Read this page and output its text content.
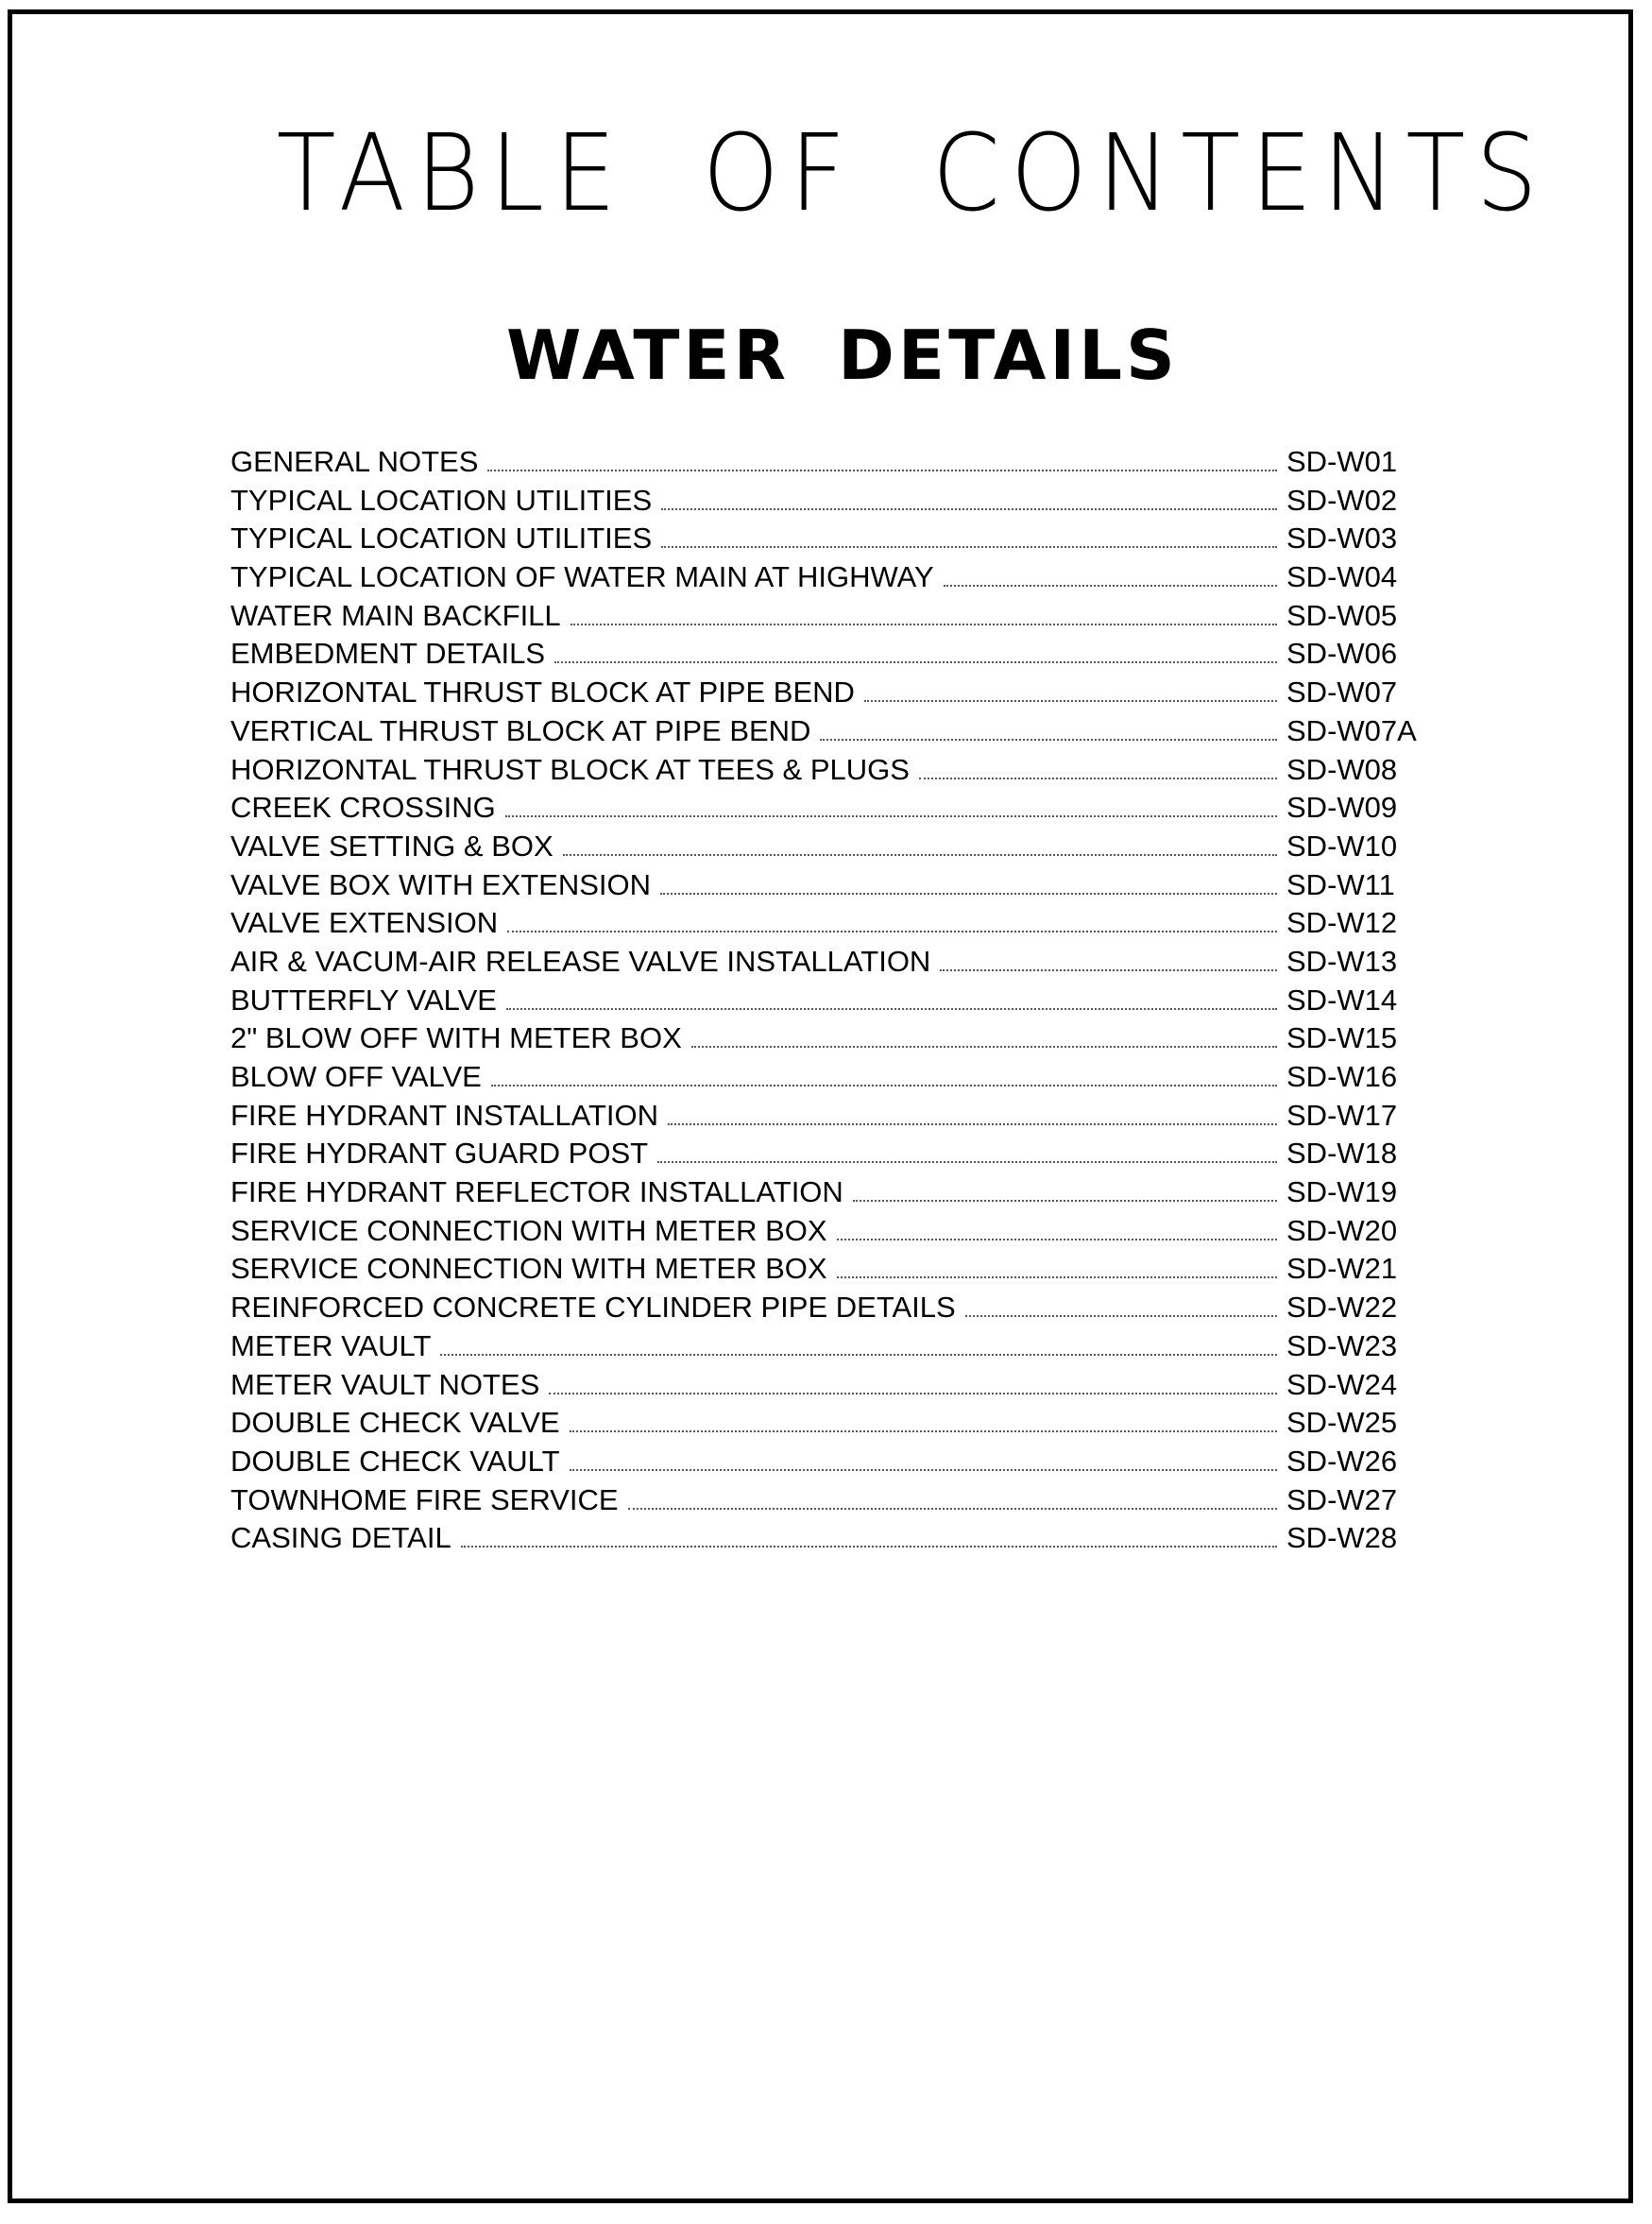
TABLE OF CONTENTS
WATER DETAILS
GENERAL NOTES	SD-W01
TYPICAL LOCATION UTILITIES	SD-W02
TYPICAL LOCATION UTILITIES	SD-W03
TYPICAL LOCATION OF WATER MAIN AT HIGHWAY	SD-W04
WATER MAIN BACKFILL	SD-W05
EMBEDMENT DETAILS	SD-W06
HORIZONTAL THRUST BLOCK AT PIPE BEND	SD-W07
VERTICAL THRUST BLOCK AT PIPE BEND	SD-W07A
HORIZONTAL THRUST BLOCK AT TEES & PLUGS	SD-W08
CREEK CROSSING	SD-W09
VALVE SETTING & BOX	SD-W10
VALVE BOX WITH EXTENSION	SD-W11
VALVE EXTENSION	SD-W12
AIR & VACUM-AIR RELEASE VALVE INSTALLATION	SD-W13
BUTTERFLY VALVE	SD-W14
2" BLOW OFF WITH METER BOX	SD-W15
BLOW OFF VALVE	SD-W16
FIRE HYDRANT INSTALLATION	SD-W17
FIRE HYDRANT GUARD POST	SD-W18
FIRE HYDRANT REFLECTOR INSTALLATION	SD-W19
SERVICE CONNECTION WITH METER BOX	SD-W20
SERVICE CONNECTION WITH METER BOX	SD-W21
REINFORCED CONCRETE CYLINDER PIPE DETAILS	SD-W22
METER VAULT	SD-W23
METER VAULT NOTES	SD-W24
DOUBLE CHECK VALVE	SD-W25
DOUBLE CHECK VAULT	SD-W26
TOWNHOME FIRE SERVICE	SD-W27
CASING DETAIL	SD-W28
